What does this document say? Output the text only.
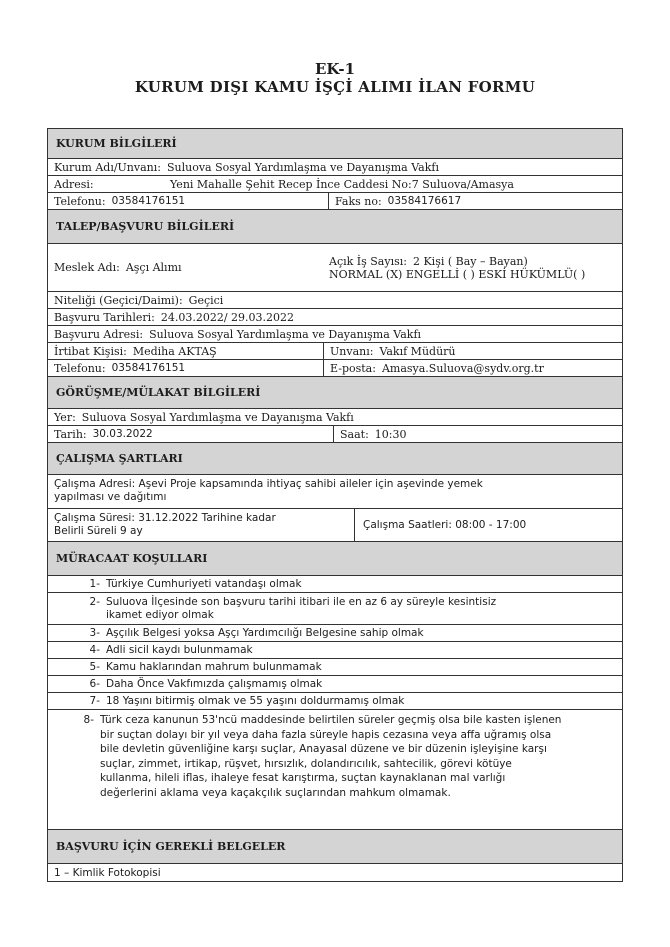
EK-1
KURUM DIŞI KAMU İŞÇİ ALIMI İLAN FORMU
KURUM BİLGİLERİ
Kurum Adı/Unvanı: Suluova Sosyal Yardımlaşma ve Dayanışma Vakfı
Adresi:	Yeni Mahalle Şehit Recep İnce Caddesi No:7 Suluova/Amasya
Telefonu: 03584176151	Faks no: 03584176617
TALEP/BAŞVURU BİLGİLERİ
Meslek Adı: Aşçı Alımı	Açık İş Sayısı: 2 Kişi ( Bay – Bayan)
NORMAL (X) ENGELLİ ( ) ESKİ HÜKÜMLÜ( )
Niteliği (Geçici/Daimi): Geçici
Başvuru Tarihleri: 24.03.2022/ 29.03.2022
Başvuru Adresi: Suluova Sosyal Yardımlaşma ve Dayanışma Vakfı
İrtibat Kişisi: Mediha AKTAŞ	Unvanı: Vakıf Müdürü
Telefonu: 03584176151	E-posta: Amasya.Suluova@sydv.org.tr
GÖRÜŞME/MÜLAKAT BİLGİLERİ
Yer: Suluova Sosyal Yardımlaşma ve Dayanışma Vakfı
Tarih: 30.03.2022	Saat: 10:30
ÇALIŞMA ŞARTLARI
Çalışma Adresi: Aşevi Proje kapsamında ihtiyaç sahibi aileler için aşevinde yemek yapılması ve dağıtımı
Çalışma Süresi: 31.12.2022 Tarihine kadar
Belirli Süreli 9 ay	Çalışma Saatleri: 08:00 - 17:00
MÜRACAAT KOŞULLARI
1- Türkiye Cumhuriyeti vatandaşı olmak
2- Suluova İlçesinde son başvuru tarihi itibari ile en az 6 ay süreyle kesintisiz ikamet ediyor olmak
3- Aşçılık Belgesi yoksa Aşçı Yardımcılığı Belgesine sahip olmak
4- Adli sicil kaydı bulunmamak
5- Kamu haklarından mahrum bulunmamak
6- Daha Önce Vakfımızda çalışmamış olmak
7- 18 Yaşını bitirmiş olmak ve 55 yaşını doldurmamış olmak
8- Türk ceza kanunun 53'ncü maddesinde belirtilen süreler geçmiş olsa bile kasten işlenen bir suçtan dolayı bir yıl veya daha fazla süreyle hapis cezasına veya affa uğramış olsa bile devletin güvenliğine karşı suçlar, Anayasal düzene ve bir düzenin işleyişine karşı suçlar, zimmet, irtikap, rüşvet, hırsızlık, dolandırıcılık, sahtecilik, görevi kötüye kullanma, hileli iflas, ihaleye fesat karıştırma, suçtan kaynaklanan mal varlığı değerlerini aklama veya kaçakçılık suçlarından mahkum olmamak.
BAŞVURU İÇİN GEREKLİ BELGELER
1 – Kimlik Fotokopisi
